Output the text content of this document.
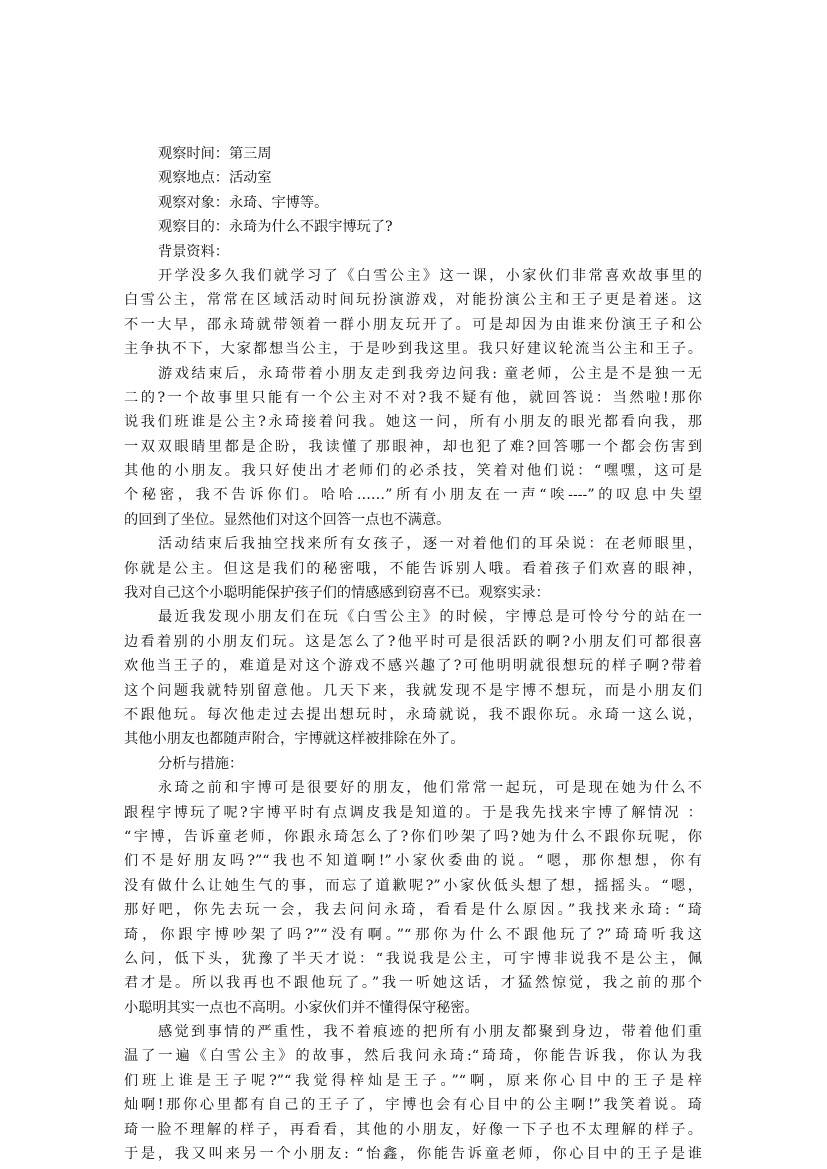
观察时间：第三周
观察地点：活动室
观察对象：永琦、宇博等。
观察目的：永琦为什么不跟宇博玩了?
背景资料：
开学没多久我们就学习了《白雪公主》这一课，小家伙们非常喜欢故事里的
白雪公主，常常在区域活动时间玩扮演游戏，对能扮演公主和王子更是着迷。这
不一大早，邵永琦就带领着一群小朋友玩开了。可是却因为由谁来份演王子和公
主争执不下，大家都想当公主，于是吵到我这里。我只好建议轮流当公主和王子。
游戏结束后，永琦带着小朋友走到我旁边问我: 童老师，公主是不是独一无
二的?一个故事里只能有一个公主对不对?我不疑有他，就回答说：当然啦!那你
说我们班谁是公主?永琦接着问我。她这一问，所有小朋友的眼光都看向我，那
一双双眼睛里都是企盼，我读懂了那眼神，却也犯了难?回答哪一个都会伤害到
其他的小朋友。我只好使出才老师们的必杀技，笑着对他们说：“嘿嘿，这可是
个秘密，我不告诉你们。哈哈……”所有小朋友在一声“唉----”的叹息中失望
的回到了坐位。显然他们对这个回答一点也不满意。
活动结束后我抽空找来所有女孩子，逐一对着他们的耳朵说：在老师眼里，
你就是公主。但这是我们的秘密哦，不能告诉别人哦。看着孩子们欢喜的眼神，
我对自己这个小聪明能保护孩子们的情感感到窃喜不已。观察实录：
最近我发现小朋友们在玩《白雪公主》的时候，宇博总是可怜兮兮的站在一
边看着别的小朋友们玩。这是怎么了?他平时可是很活跃的啊?小朋友们可都很喜
欢他当王子的，难道是对这个游戏不感兴趣了?可他明明就很想玩的样子啊?带着
这个问题我就特别留意他。几天下来，我就发现不是宇博不想玩，而是小朋友们
不跟他玩。每次他走过去提出想玩时，永琦就说，我不跟你玩。永琦一这么说，
其他小朋友也都随声附合，宇博就这样被排除在外了。
分析与措施：
永琦之前和宇博可是很要好的朋友，他们常常一起玩，可是现在她为什么不
跟程宇博玩了呢?宇博平时有点调皮我是知道的。于是我先找来宇博了解情况 ：
“宇博，告诉童老师，你跟永琦怎么了?你们吵架了吗?她为什么不跟你玩呢，你
们不是好朋友吗?”“我也不知道啊!”小家伙委曲的说。“嗯，那你想想，你有
没有做什么让她生气的事，而忘了道歉呢?”小家伙低头想了想，摇摇头。“嗯，
那好吧，你先去玩一会，我去问问永琦，看看是什么原因。”我找来永琦: “琦
琦，你跟宇博吵架了吗?”“没有啊。”“那你为什么不跟他玩了?”琦琦听我这
么问，低下头，犹豫了半天才说：“我说我是公主，可宇博非说我不是公主，佩
君才是。所以我再也不跟他玩了。”我一听她这话，才猛然惊觉，我之前的那个
小聪明其实一点也不高明。小家伙们并不懂得保守秘密。
感觉到事情的严重性，我不着痕迹的把所有小朋友都聚到身边，带着他们重
温了一遍《白雪公主》的故事，然后我问永琦:“琦琦，你能告诉我，你认为我
们班上谁是王子呢?”“我觉得梓灿是王子。”“啊，原来你心目中的王子是梓
灿啊!那你心里都有自己的王子了，宇博也会有心目中的公主啊!”我笑着说。琦
琦一脸不理解的样子，再看看，其他的小朋友，好像一下子也不太理解的样子。
于是，我又叫来另一个小朋友: “怡鑫，你能告诉童老师，你心目中的王子是谁
